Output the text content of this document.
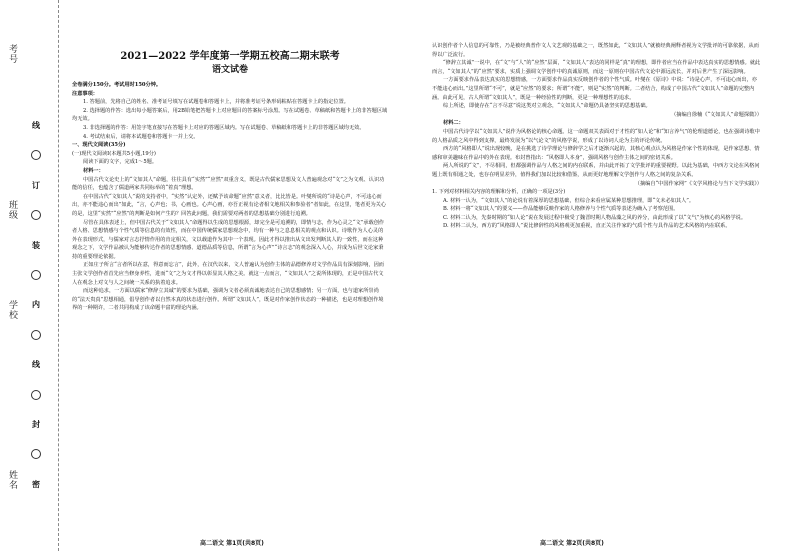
考号
班级
学校
姓名
线
订
装
内
线
封
密
2021—2022 学年度第一学期五校高二期末联考
语文试卷

全卷满分150分。考试用时150分钟。

注意事项：

1. 答题前，先将自己的姓名、准考证号填写在试题卷和答题卡上，并将准考证号条形码粘贴在答题卡上的指定位置。

2. 选择题的作答：选出每小题答案后，用2B铅笔把答题卡上对应题目的答案标号涂黑。写在试题卷、草稿纸和答题卡上的非答题区域均无效。

3. 非选择题的作答：用签字笔直接写在答题卡上对应的答题区域内。写在试题卷、草稿纸和答题卡上的非答题区域均无效。

4. 考试结束后，请将本试题卷和答题卡一并上交。

一、现代文阅读(35分)

(一)现代文阅读Ⅰ(本题共5小题,19分)

阅读下面的文字，完成1～5题。

材料一：

中国古代文论史上的“文如其人”命题，往往具有“实然”“应然”双重含义，既是古代儒家思想及文人普遍观念对“文”之为文观、认识功能的信任，也蕴含了儒道两家共同标举的“着真”理想。

在中国古代“文如其人”说的支持者中，“实然”认定外，还赋予该命题“应然”意义者，比比皆是。叶燮所说的“诗是心声，不可违心而出，亦不能违心而出”如此，“言，心声也；书，心画也。心声心画，亦吾正视有论者相文地相关和参验者”者如此，在这里，笔者更为关心的是，这里“实然”“应然”的判断是如何产生的？回答此问题，我们需要对两者的思想基础分别进行追溯。

尽管在具体表述上，但中国古代关于“文如其人”命题得以生成的思想根源，却完全是可追溯的，即情与志，作为心灵之“文”承载创作者人格、思想情感与个性气质等信息的有效性，而在中国传统儒家思想观念中，均有一种与之息息相关的观点和认识。诗歌作为人心灵的外在表现形式，与儒家对言志抒情作用的肯定相关，文以载道作为其中一个表现。因此才得以推出从文出发判断其人的一致性，而在这种观念之下，文学作品被认为能够传达作者的思想情感、道德品质等信息，所谓“言为心声”“诗言志”的观念深入人心，并成为后世文论家秉持的重要理论依据。

正如庄子所言“言者所以在意，得意而忘言”，此外，在汉代以来，文人普遍认为创作主体的品德修养对文学作品具有深刻影响，因而主张文学创作者首先应当修身养性，进而“文”之为文才得以彰显其人格之美。就这一点而言，“文如其人”之说所体现的，正是中国古代文人在观念上对文与人之间统一关系的执着追求。

而这种追求，一方面以儒家“修辞立其诚”的要求为基础，强调为文者必须真诚地表达自己的思想感情；另一方面，也与道家所崇尚的“法天贵真”思想相通，倡导创作者以自然本真的状态进行创作。所谓“文如其人”，既是对作家创作状态的一种描述，也是对理想创作境界的一种期许，二者共同构成了该命题丰富的理论内涵。

认识创作者个人信息的可靠性，乃是被经典普作文人文艺观的基础之一，既然如此，“文如其人”就被经典阐释者视为文学批评的可靠依据，从而得以广泛流行。

“修辞立其诚”一说中，在“文”与“人”的“应然”层面，“文如其人”表达的同样是“真”的理想，即作者应当在作品中表达真实的思想情感。就此而言，“文如其人”的“应然”要求，实质上强调文学创作中的真诚原则，而这一原则在中国古代文论中源远流长，并对后世产生了深远影响。

一方面要求作品表达真实的思想情感，一方面要求作品真实反映创作者的个性气质。叶燮在《原诗》中说：“诗是心声，不可违心而出，亦不能违心而出。”这里所谓“不可”，就是“应然”的要求；所谓“不能”，则是“实然”的判断。二者结合，构成了中国古代“文如其人”命题的完整内涵。由此可见，古人所谓“文如其人”，既是一种经验性的判断，更是一种理想性的追求。

综上所述，即使存在“言不尽意”说这类对立观念，“文如其人”命题仍具备坚实的思想基础。

（摘编自徐楠《“文如其人”命题探微》）

材料二：

中国古代诗学以“文如其人”说作为风格论的核心命题。这一命题双关表面对于才性的“如人论”和“知言养气”的伦理道德论，也在强调诗歌中的人格品质之风中得到支撑，最终发展为“以气论文”的风格学说，形成了以诗词人论为主的评论传统。

西方的“风格即人”说出现较晚，是在挑选了诗学理论与修辞学之后才逐渐兴起的，其核心观点认为风格是作家个性的体现，是作家思想、情感和审美趣味在作品中的外在表现。布封曾指出：“风格即人本身”，强调风格与创作主体之间的密切关系。

两人所说的“文”，不尽相同，但都强调作品与人格之间的内在联系，并由此开拓了文学批评的重要视野。以此为基础，中西方文论在风格问题上既有相通之处，也存在明显差异，值得我们加以比较和借鉴，从而更好地理解文学创作与人格之间的复杂关系。

（摘编自“中国作家网”《文学风格论与当下文学实践》）

1. 下列对材料相关内容的理解和分析，正确的一项是(3分)

A. 材料一认为，“文如其人”的论说有着深厚的思想基础，但综合来看应属某种思想推理，即“文未必如其人”。

B. 材料一将“文如其人”的要义——作品能够反映作家的人格修养与个性气质等表述为确入了考察范围。

C. 材料二认为，先秦时期的“如人论”说在发展过程中极受了魏晋时期人物品藻之风的养分，由此形成了以“文气”为核心的风格学说。

D. 材料二认为，西方的“风格即人”说比修辞性的风格观更加重视，直正关注作家的气质个性与具作品的艺术风格的内在联系。

高二语文 第1页(共8页)	高二语文 第2页(共8页)
